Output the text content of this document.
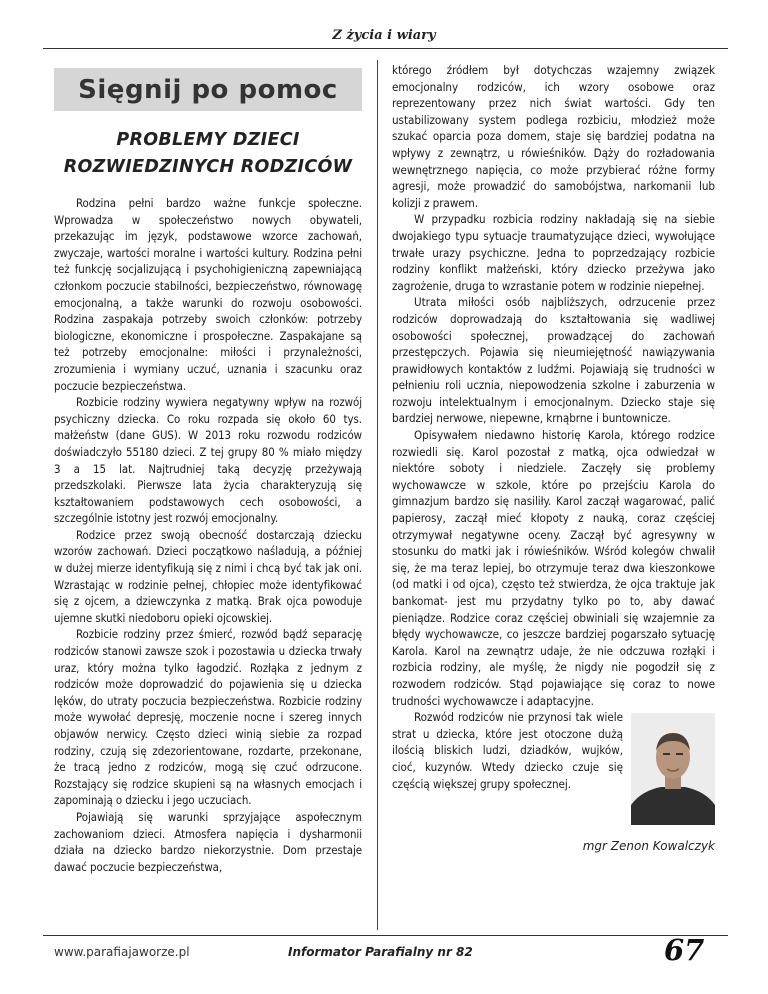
Z życia i wiary
Sięgnij po pomoc
PROBLEMY DZIECI
ROZWIEDZINYCH RODZICÓW

Rodzina pełni bardzo ważne funkcje społeczne. Wprowadza w społeczeństwo nowych obywateli, przekazując im język, podstawowe wzorce zachowań, zwyczaje, wartości moralne i wartości kultury. Rodzina pełni też funkcję socjalizującą i psychohigieniczną zapewniającą członkom poczucie stabilności, bezpieczeństwo, równowagę emocjonalną, a także warunki do rozwoju osobowości. Rodzina zaspakaja potrzeby swoich członków: potrzeby biologiczne, ekonomiczne i prospołeczne. Zaspakajane są też potrzeby emocjonalne: miłości i przynależności, zrozumienia i wymiany uczuć, uznania i szacunku oraz poczucie bezpieczeństwa.

Rozbicie rodziny wywiera negatywny wpływ na rozwój psychiczny dziecka. Co roku rozpada się około 60 tys. małżeństw (dane GUS). W 2013 roku rozwodu rodziców doświadczyło 55180 dzieci. Z tej grupy 80 % miało między 3 a 15 lat. Najtrudniej taką decyzję przeżywają przedszkolaki. Pierwsze lata życia charakteryzują się kształtowaniem podstawowych cech osobowości, a szczególnie istotny jest rozwój emocjonalny.

Rodzice przez swoją obecność dostarczają dziecku wzorów zachowań. Dzieci początkowo naśladują, a później w dużej mierze identyfikują się z nimi i chcą być tak jak oni. Wzrastając w rodzinie pełnej, chłopiec może identyfikować się z ojcem, a dziewczynka z matką. Brak ojca powoduje ujemne skutki niedoboru opieki ojcowskiej.

Rozbicie rodziny przez śmierć, rozwód bądź separację rodziców stanowi zawsze szok i pozostawia u dziecka trwały uraz, który można tylko łagodzić. Rozłąka z jednym z rodziców może doprowadzić do pojawienia się u dziecka lęków, do utraty poczucia bezpieczeństwa. Rozbicie rodziny może wywołać depresję, moczenie nocne i szereg innych objawów nerwicy. Często dzieci winią siebie za rozpad rodziny, czują się zdezorientowane, rozdarte, przekonane, że tracą jedno z rodziców, mogą się czuć odrzucone. Rozstający się rodzice skupieni są na własnych emocjach i zapominają o dziecku i jego uczuciach.

Pojawiają się warunki sprzyjające aspołecznym zachowaniom dzieci. Atmosfera napięcia i dysharmonii działa na dziecko bardzo niekorzystnie. Dom przestaje dawać poczucie bezpieczeństwa,

którego źródłem był dotychczas wzajemny związek emocjonalny rodziców, ich wzory osobowe oraz reprezentowany przez nich świat wartości. Gdy ten ustabilizowany system podlega rozbiciu, młodzież może szukać oparcia poza domem, staje się bardziej podatna na wpływy z zewnątrz, u rówieśników. Dąży do rozładowania wewnętrznego napięcia, co może przybierać różne formy agresji, może prowadzić do samobójstwa, narkomanii lub kolizji z prawem.

W przypadku rozbicia rodziny nakładają się na siebie dwojakiego typu sytuacje traumatyzujące dzieci, wywołujące trwałe urazy psychiczne. Jedna to poprzedzający rozbicie rodziny konflikt małżeński, który dziecko przeżywa jako zagrożenie, druga to wzrastanie potem w rodzinie niepełnej.

Utrata miłości osób najbliższych, odrzucenie przez rodziców doprowadzają do kształtowania się wadliwej osobowości społecznej, prowadzącej do zachowań przestępczych. Pojawia się nieumiejętność nawiązywania prawidłowych kontaktów z ludźmi. Pojawiają się trudności w pełnieniu roli ucznia, niepowodzenia szkolne i zaburzenia w rozwoju intelektualnym i emocjonalnym. Dziecko staje się bardziej nerwowe, niepewne, krnąbrne i buntownicze.

Opisywałem niedawno historię Karola, którego rodzice rozwiedli się. Karol pozostał z matką, ojca odwiedzał w niektóre soboty i niedziele. Zaczęły się problemy wychowawcze w szkole, które po przejściu Karola do gimnazjum bardzo się nasiliły. Karol zaczął wagarować, palić papierosy, zaczął mieć kłopoty z nauką, coraz częściej otrzymywał negatywne oceny. Zaczął być agresywny w stosunku do matki jak i rówieśników. Wśród kolegów chwalił się, że ma teraz lepiej, bo otrzymuje teraz dwa kieszonkowe (od matki i od ojca), często też stwierdza, że ojca traktuje jak bankomat- jest mu przydatny tylko po to, aby dawać pieniądze. Rodzice coraz częściej obwiniali się wzajemnie za błędy wychowawcze, co jeszcze bardziej pogarszało sytuację Karola. Karol na zewnątrz udaje, że nie odczuwa rozłąki i rozbicia rodziny, ale myślę, że nigdy nie pogodził się z rozwodem rodziców. Stąd pojawiające się coraz to nowe trudności wychowawcze i adaptacyjne.

Rozwód rodziców nie przynosi tak wiele strat u dziecka, które jest otoczone dużą ilością bliskich ludzi, dziadków, wujków, cioć, kuzynów. Wtedy dziecko czuje się częścią większej grupy społecznej.

mgr Zenon Kowalczyk
www.parafiajaworze.pl	Informator Parafialny nr 82	67
